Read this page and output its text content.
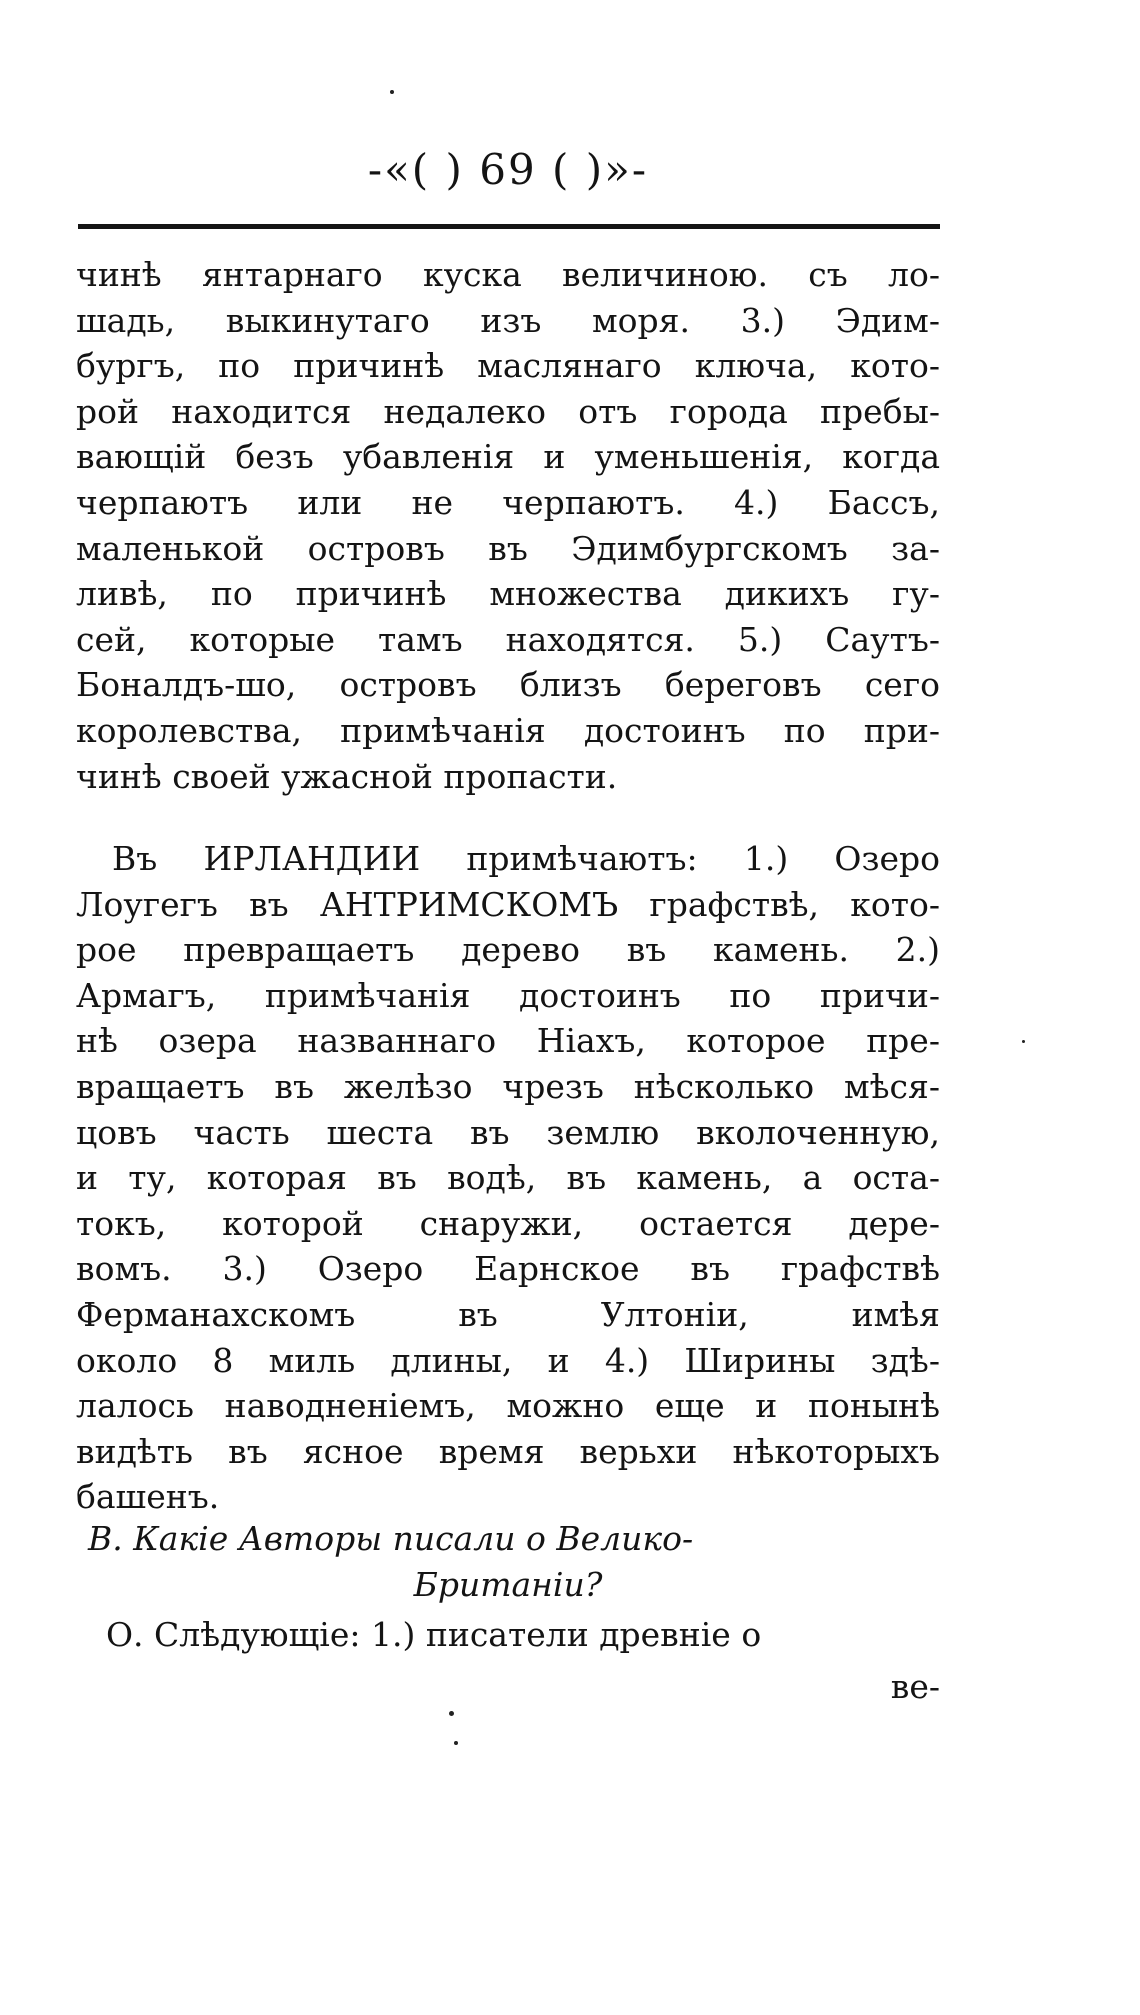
-«( ) 69 ( )»-
чинѣ янтарнаго куска величиною. съ ло-
шадь, выкинутаго изъ моря. 3.) Эдим-
бургъ, по причинѣ маслянаго ключа, кото-
рой находится недалеко отъ города пребы-
вающій безъ убавленія и уменьшенія, когда
черпаютъ или не черпаютъ. 4.) Бассъ,
маленькой островъ въ Эдимбургскомъ за-
ливѣ, по причинѣ множества дикихъ гу-
сей, которые тамъ находятся. 5.) Саутъ-
Боналдъ-шо, островъ близъ береговъ сего
королевства, примѣчанія достоинъ по при-
чинѣ своей ужасной пропасти.
Въ ИРЛАНДИИ примѣчаютъ: 1.) Озеро
Лоугегъ въ АНТРИМСКОМЪ графствѣ, кото-
рое превращаетъ дерево въ камень. 2.)
Армагъ, примѣчанія достоинъ по причи-
нѣ озера названнаго Ніахъ, которое пре-
вращаетъ въ желѣзо чрезъ нѣсколько мѣся-
цовъ часть шеста въ землю вколоченную,
и ту, которая въ водѣ, въ камень, а оста-
токъ, которой снаружи, остается дере-
вомъ. 3.) Озеро Еарнское въ графствѣ
Ферманахскомъ въ Ултоніи, имѣя
около 8 миль длины, и 4.) Ширины здѣ-
лалось наводненіемъ, можно еще и понынѣ
видѣть въ ясное время верьхи нѣкоторыхъ
башенъ.
В. Какіе Авторы писали о Велико-
Британіи?
О. Слѣдующіе: 1.) писатели древніе о
ве-
